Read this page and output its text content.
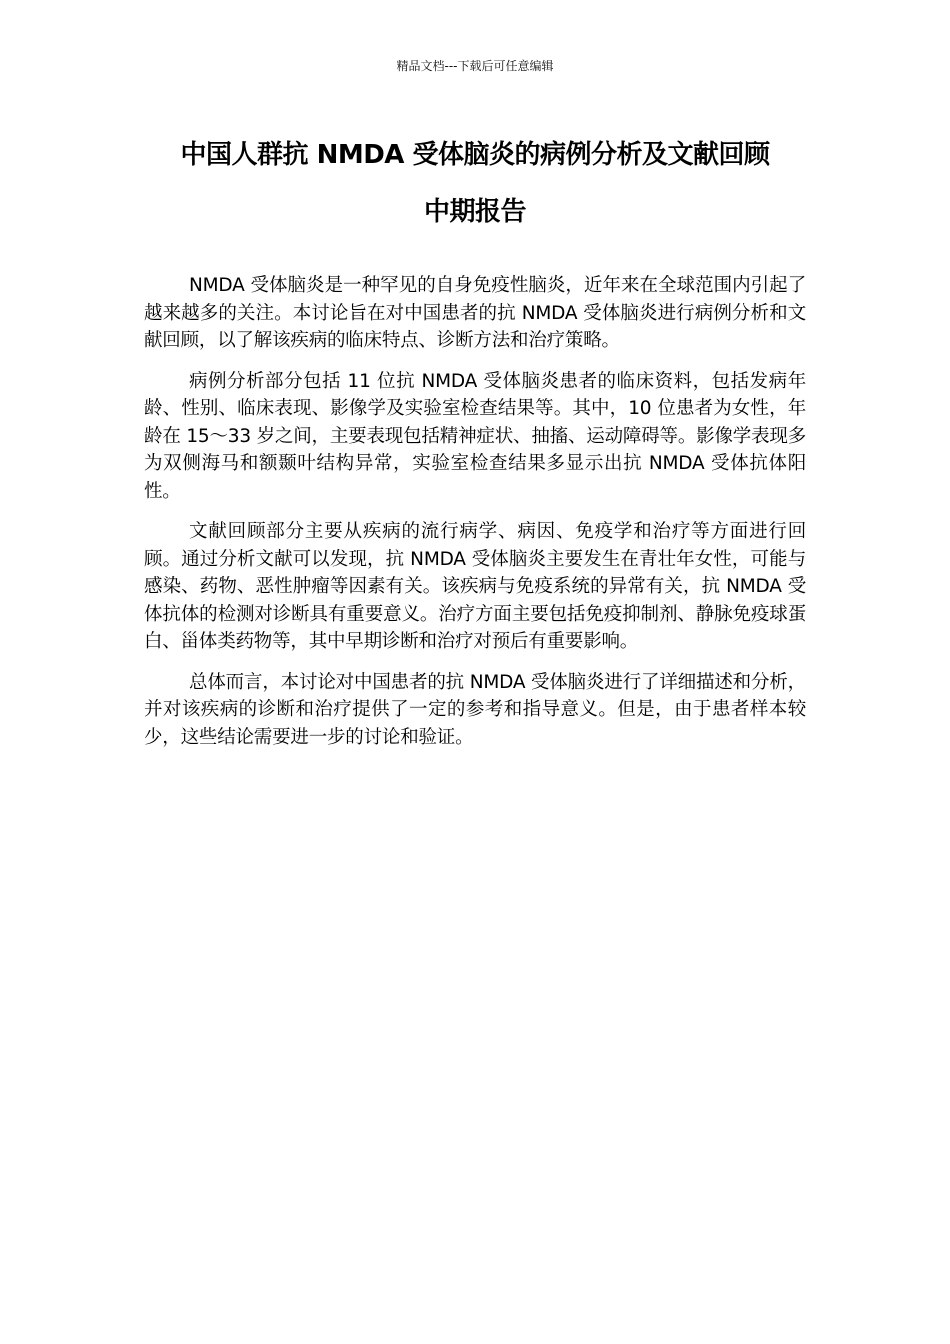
精品文档---下载后可任意编辑
中国人群抗 NMDA 受体脑炎的病例分析及文献回顾
中期报告

NMDA 受体脑炎是一种罕见的自身免疫性脑炎，近年来在全球范围内引起了越来越多的关注。本讨论旨在对中国患者的抗 NMDA 受体脑炎进行病例分析和文献回顾，以了解该疾病的临床特点、诊断方法和治疗策略。

病例分析部分包括 11 位抗 NMDA 受体脑炎患者的临床资料，包括发病年龄、性别、临床表现、影像学及实验室检查结果等。其中，10 位患者为女性，年龄在 15～33 岁之间，主要表现包括精神症状、抽搐、运动障碍等。影像学表现多为双侧海马和额颞叶结构异常，实验室检查结果多显示出抗 NMDA 受体抗体阳性。

文献回顾部分主要从疾病的流行病学、病因、免疫学和治疗等方面进行回顾。通过分析文献可以发现，抗 NMDA 受体脑炎主要发生在青壮年女性，可能与感染、药物、恶性肿瘤等因素有关。该疾病与免疫系统的异常有关，抗 NMDA 受体抗体的检测对诊断具有重要意义。治疗方面主要包括免疫抑制剂、静脉免疫球蛋白、甾体类药物等，其中早期诊断和治疗对预后有重要影响。

总体而言，本讨论对中国患者的抗 NMDA 受体脑炎进行了详细描述和分析，并对该疾病的诊断和治疗提供了一定的参考和指导意义。但是，由于患者样本较少，这些结论需要进一步的讨论和验证。
